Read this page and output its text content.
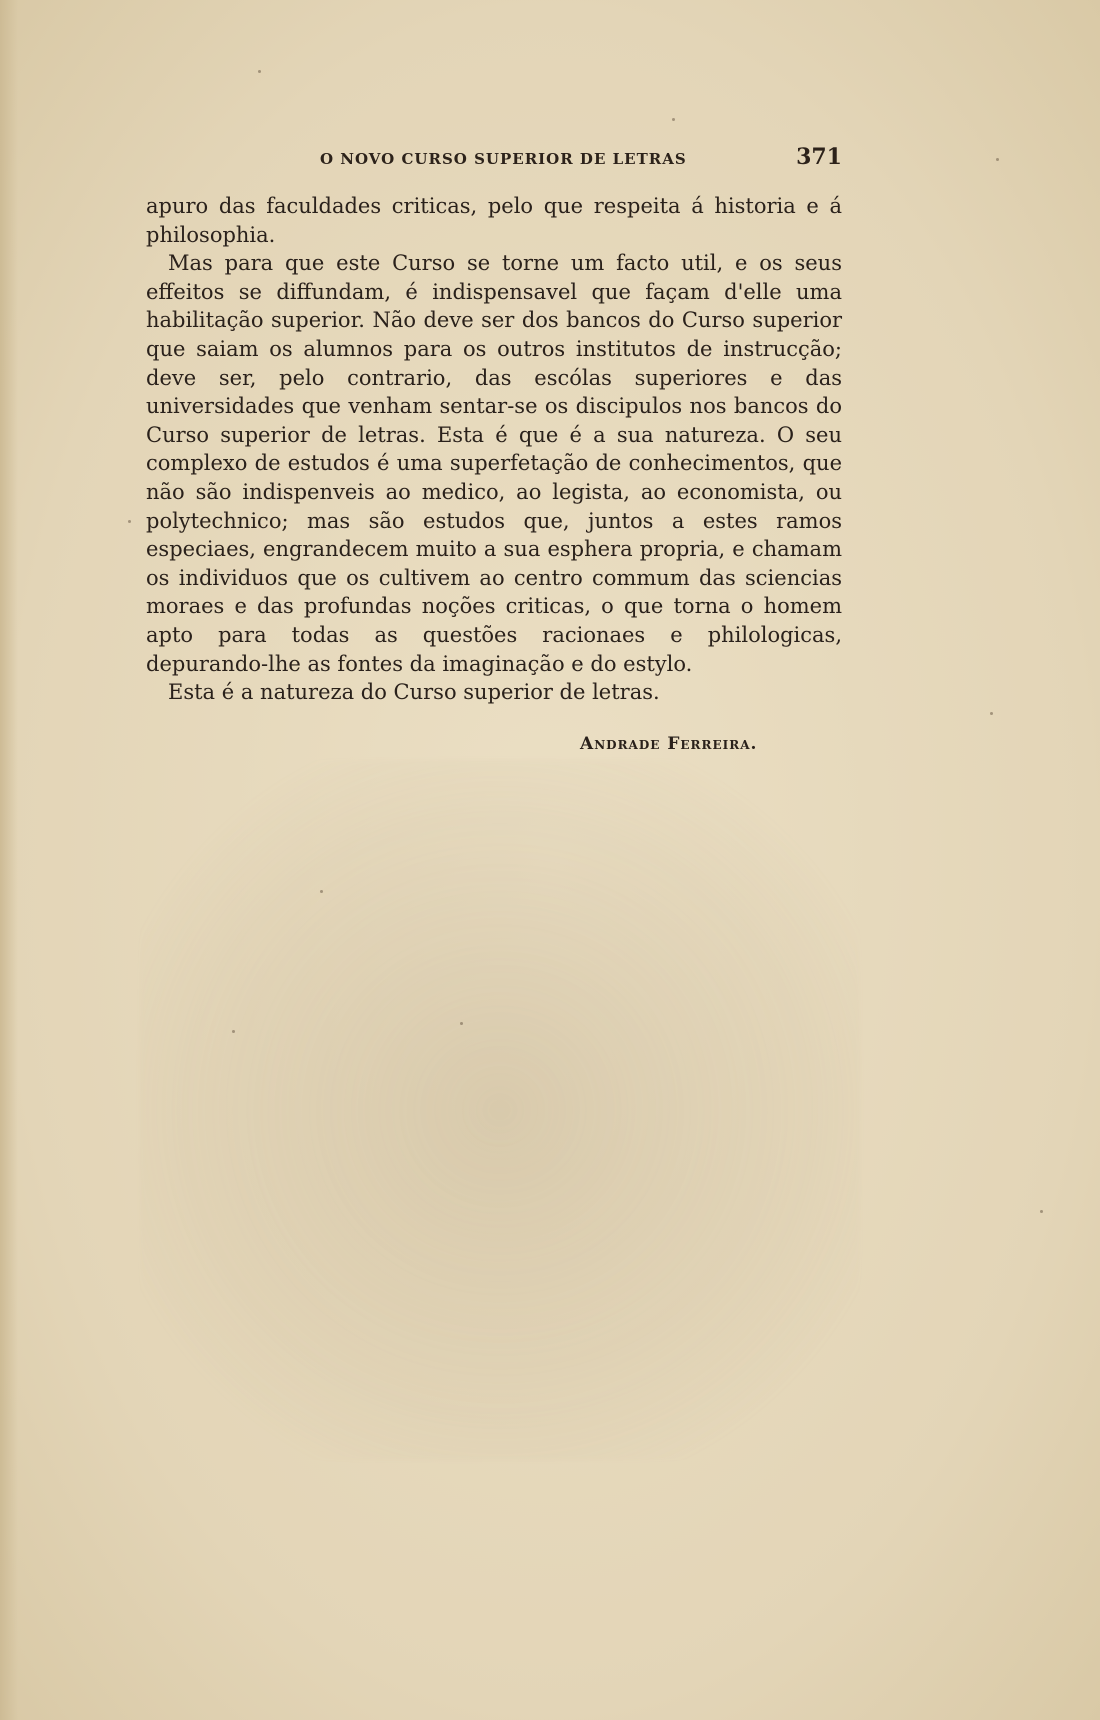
O NOVO CURSO SUPERIOR DE LETRAS	371

apuro das faculdades criticas, pelo que respeita á historia e á philosophia.

Mas para que este Curso se torne um facto util, e os seus effeitos se diffundam, é indispensavel que façam d'elle uma habilitação superior. Não deve ser dos bancos do Curso superior que saiam os alumnos para os outros institutos de instrucção; deve ser, pelo contrario, das escólas superiores e das universidades que venham sentar-se os discipulos nos bancos do Curso superior de letras. Esta é que é a sua natureza. O seu complexo de estudos é uma superfetação de conhecimentos, que não são indispenveis ao medico, ao legista, ao economista, ou polytechnico; mas são estudos que, juntos a estes ramos especiaes, engrandecem muito a sua esphera propria, e chamam os individuos que os cultivem ao centro commum das sciencias moraes e das profundas noções criticas, o que torna o homem apto para todas as questões racionaes e philologicas, depurando-lhe as fontes da imaginação e do estylo.

Esta é a natureza do Curso superior de letras.

Andrade Ferreira.
